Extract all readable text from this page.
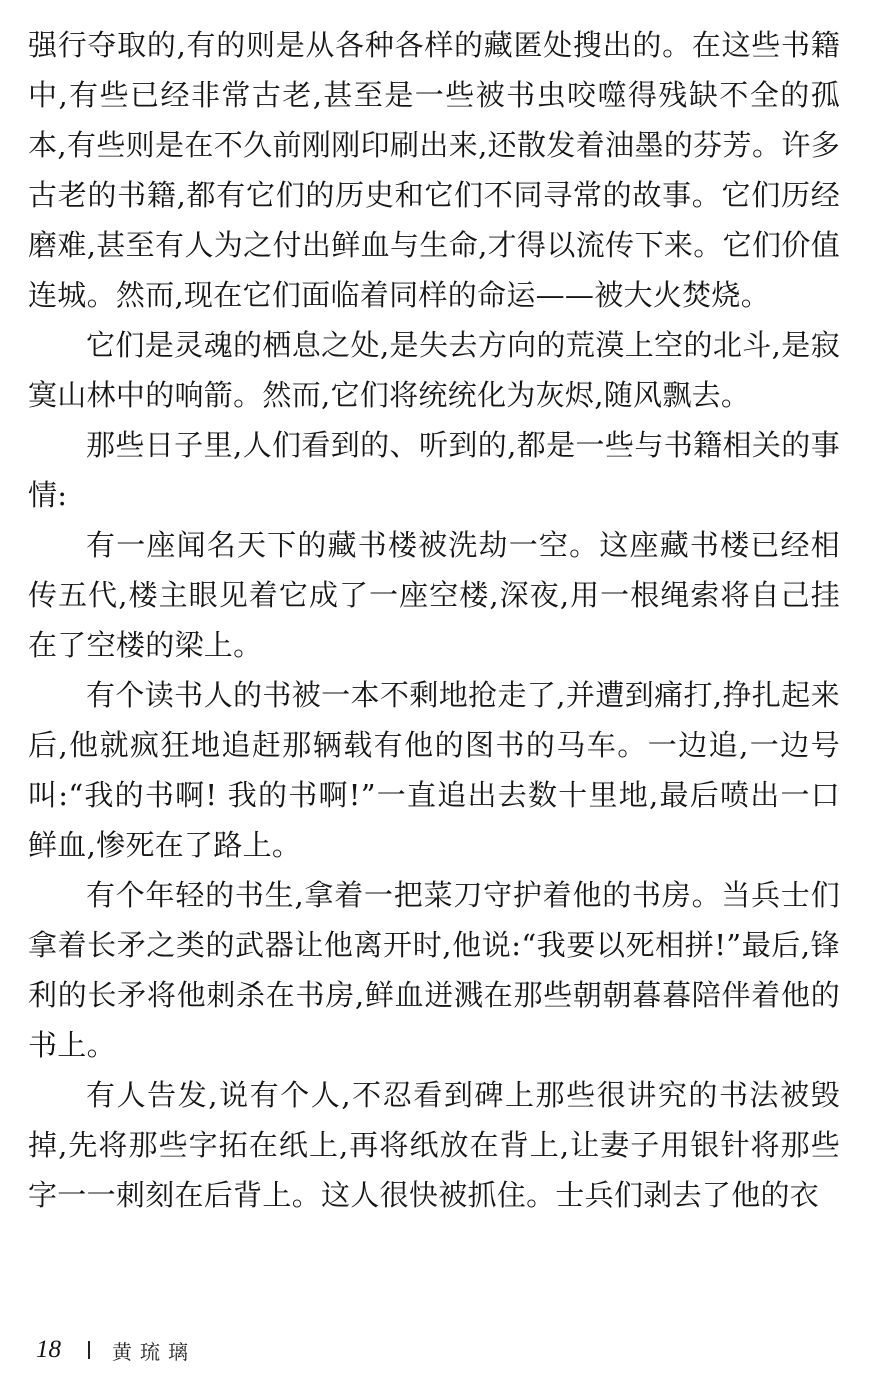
强行夺取的,有的则是从各种各样的藏匿处搜出的。在这些书籍中,有些已经非常古老,甚至是一些被书虫咬噬得残缺不全的孤本,有些则是在不久前刚刚印刷出来,还散发着油墨的芬芳。许多古老的书籍,都有它们的历史和它们不同寻常的故事。它们历经磨难,甚至有人为之付出鲜血与生命,才得以流传下来。它们价值连城。然而,现在它们面临着同样的命运——被大火焚烧。

它们是灵魂的栖息之处,是失去方向的荒漠上空的北斗,是寂寞山林中的响箭。然而,它们将统统化为灰烬,随风飘去。

那些日子里,人们看到的、听到的,都是一些与书籍相关的事情:

有一座闻名天下的藏书楼被洗劫一空。这座藏书楼已经相传五代,楼主眼见着它成了一座空楼,深夜,用一根绳索将自己挂在了空楼的梁上。

有个读书人的书被一本不剩地抢走了,并遭到痛打,挣扎起来后,他就疯狂地追赶那辆载有他的图书的马车。一边追,一边号叫:“我的书啊! 我的书啊!”一直追出去数十里地,最后喷出一口鲜血,惨死在了路上。

有个年轻的书生,拿着一把菜刀守护着他的书房。当兵士们拿着长矛之类的武器让他离开时,他说:“我要以死相拼!”最后,锋利的长矛将他刺杀在书房,鲜血迸溅在那些朝朝暮暮陪伴着他的书上。

有人告发,说有个人,不忍看到碑上那些很讲究的书法被毁掉,先将那些字拓在纸上,再将纸放在背上,让妻子用银针将那些字一一刺刻在后背上。这人很快被抓住。士兵们剥去了他的衣

18	黄琉璃
